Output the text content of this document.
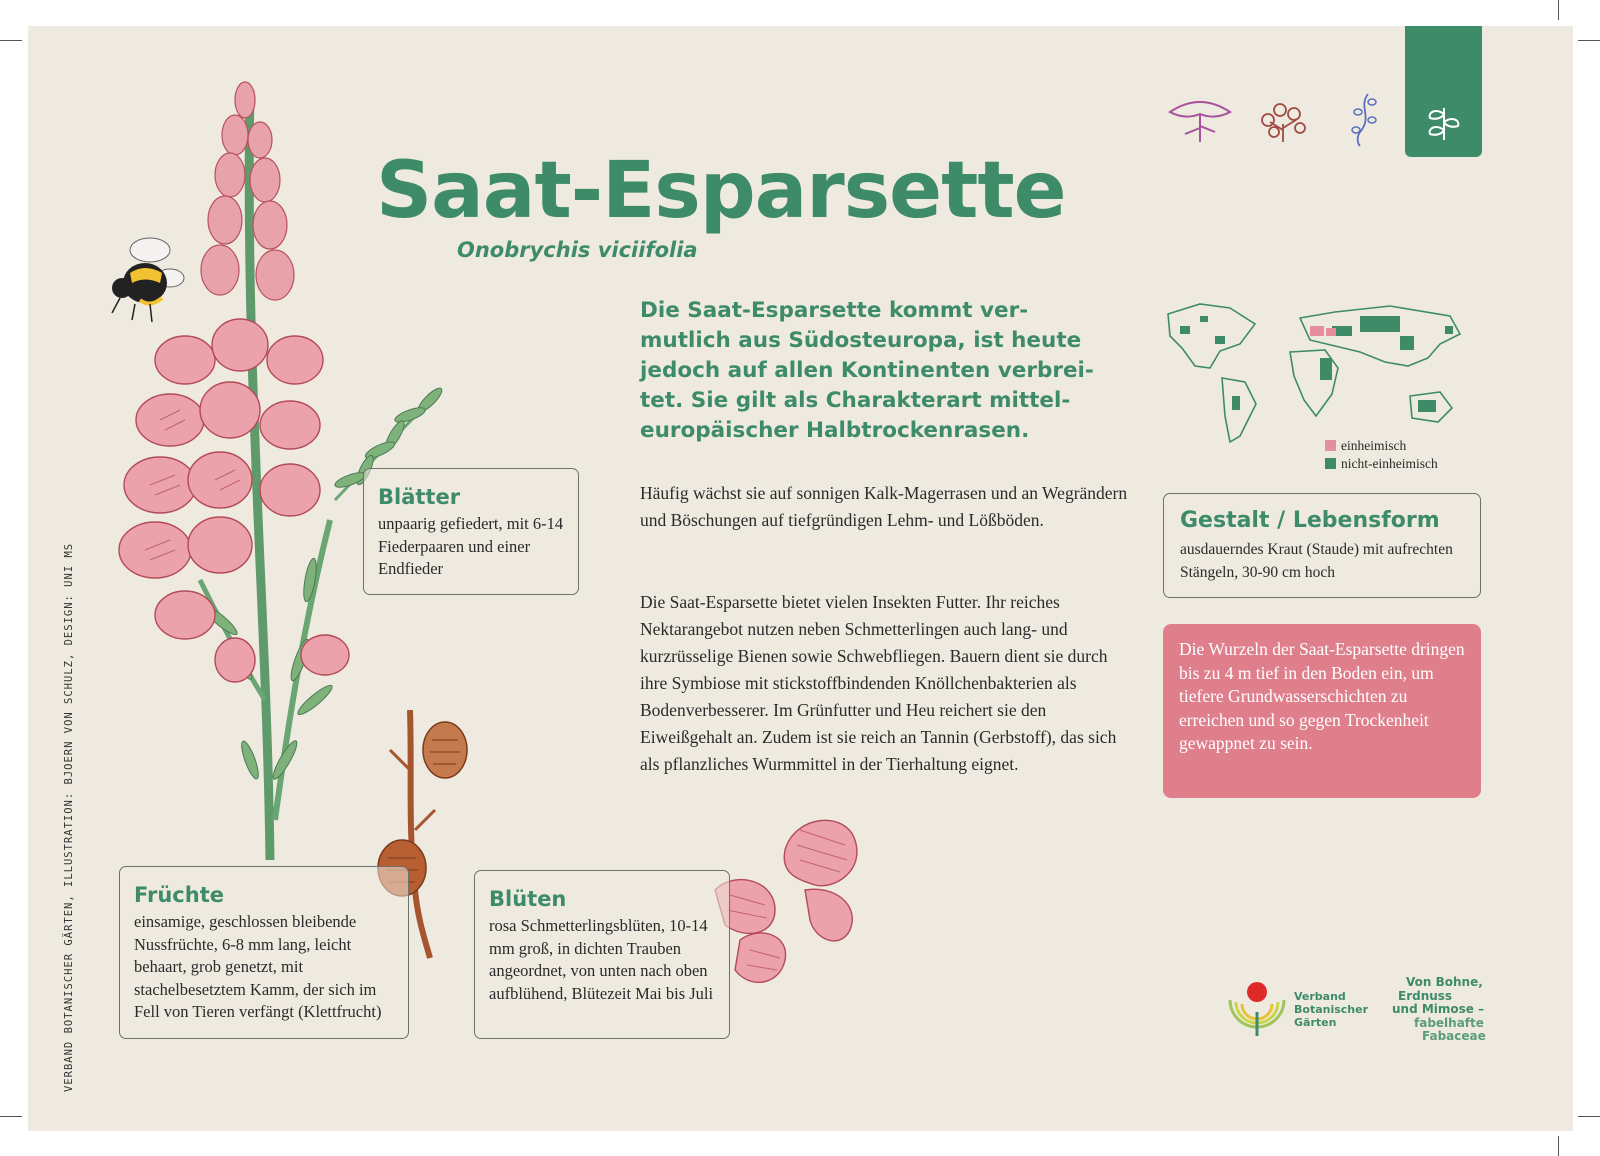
VERBAND BOTANISCHER GÄRTEN, ILLUSTRATION: BJOERN VON SCHULZ, DESIGN: UNI MS
Saat-Esparsette
Onobrychis viciifolia
Die Saat-Esparsette kommt ver-
mutlich aus Südosteuropa, ist heute
jedoch auf allen Kontinenten verbrei-
tet. Sie gilt als Charakterart mittel-
europäischer Halbtrockenrasen.
Häufig wächst sie auf sonnigen Kalk-Magerrasen und an Wegrändern und Böschungen auf tiefgründigen Lehm- und Lößböden.
Die Saat-Esparsette bietet vielen Insekten Futter. Ihr reiches Nektarangebot nutzen neben Schmetterlingen auch lang- und kurzrüsselige Bienen sowie Schwebfliegen. Bauern dient sie durch ihre Symbiose mit stickstoffbindenden Knöllchenbakterien als Bodenverbesserer. Im Grünfutter und Heu reichert sie den Eiweißgehalt an. Zudem ist sie reich an Tannin (Gerbstoff), das sich als pflanzliches Wurmmittel in der Tierhaltung eignet.
einheimisch
nicht-einheimisch
Gestalt / Lebensform

ausdauerndes Kraut (Staude) mit aufrechten Stängeln, 30-90 cm hoch

Die Wurzeln der Saat-Esparsette dringen bis zu 4 m tief in den Boden ein, um tiefere Grundwasserschichten zu erreichen und so gegen Trockenheit gewappnet zu sein.
Blätter

unpaarig gefiedert, mit 6-14 Fiederpaaren und einer Endfieder

Früchte

einsamige, geschlossen bleibende Nussfrüchte, 6-8 mm lang, leicht behaart, grob genetzt, mit stachelbesetztem Kamm, der sich im Fell von Tieren verfängt (Klettfrucht)

Blüten

rosa Schmetterlingsblüten, 10-14 mm groß, in dichten Trauben angeordnet, von unten nach oben aufblühend, Blütezeit Mai bis Juli	Verband
Botanischer
Gärten
Von Bohne,
Erdnuss
und Mimose –
fabelhafte
Fabaceae
